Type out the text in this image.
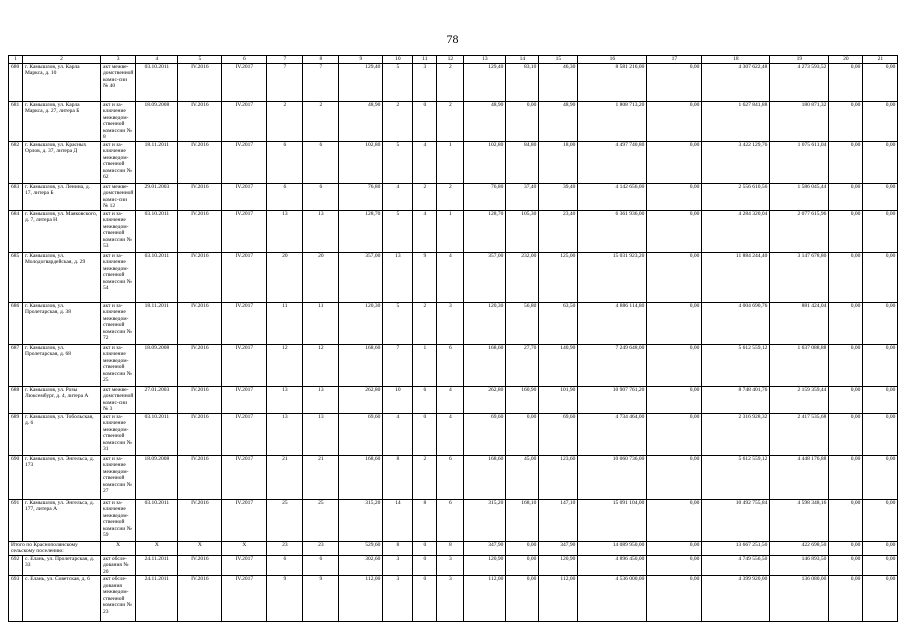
78
1	2	3	4	5	6	7	8	9	10	11	12	13	14	15	16	17	18	19	20	21
680	г. Камышлов, ул. Карла Маркса, д. 10	акт межве-домственной комис-сии № 40	03.10.2011	IV.2016	IV.2017	7	7	129,40	5	3	2	129,40	83,10	46,30	8 581 216,00	0,00	4 307 622,48	4 273 593,52	0,00	0,00
681	г. Камышлов, ул. Карла Маркса, д. 27, литера Б	акт и за-ключение межведом-ственной комиссии № 8	18.09.2008	IV.2016	IV.2017	2	2	48,90	2	0	2	48,90	0,00	48,90	1 808 713,20	0,00	1 627 841,88	180 871,32	0,00	0,00
682	г. Камышлов, ул. Красных Орлов, д. 37, литера Д	акт и за-ключение межведом-ственной комиссии № 62	18.11.2011	IV.2016	IV.2017	6	6	102,80	5	4	1	102,80	84,80	18,00	4 497 740,80	0,00	3 422 129,76	1 075 611,04	0,00	0,00
683	г. Камышлов, ул. Ленина, д. 17, литера Б	акт межве-домственной комис-сии № 12	29.01.2003	IV.2016	IV.2017	6	6	76,80	4	2	2	76,80	37,40	39,40	4 142 656,00	0,00	2 556 610,56	1 586 045,44	0,00	0,00
684	г. Камышлов, ул. Маяковского, д. 7, литера Н	акт и за-ключение межведом-ственной комиссии № 53	03.10.2011	IV.2016	IV.2017	13	13	128,70	5	4	1	128,70	105,30	23,40	6 361 936,00	0,00	4 284 320,04	2 077 615,96	0,00	0,00
685	г. Камышлов, ул. Молодогвардейская, д. 29	акт и за-ключение межведом-ственной комиссии № 54	03.10.2011	IV.2016	IV.2017	20	20	357,00	13	9	4	357,00	232,00	125,00	15 031 923,20	0,00	11 884 244,40	3 147 678,80	0,00	0,00
686	г. Камышлов, ул. Пролетарская, д. 38	акт и за-ключение межведом-ственной комиссии № 72	18.11.2011	IV.2016	IV.2017	11	11	120,30	5	2	3	120,30	56,80	63,50	4 886 114,80	0,00	4 004 690,76	881 424,04	0,00	0,00
687	г. Камышлов, ул. Пролетарская, д. 68	акт и за-ключение межведом-ственной комиссии № 25	18.09.2008	IV.2016	IV.2017	12	12	168,60	7	1	6	168,60	27,70	140,90	7 249 648,00	0,00	5 612 559,12	1 637 088,88	0,00	0,00
688	г. Камышлов, ул. Розы Люксембург, д. 4, литера А	акт межве-домственной комис-сии № 3	27.01.2003	IV.2016	IV.2017	13	13	262,80	10	6	4	262,80	160,90	101,90	10 907 761,20	0,00	8 748 401,76	2 159 359,44	0,00	0,00
689	г. Камышлов, ул. Тобольская, д. 6	акт и за-ключение межведом-ственной комиссии № 31	03.10.2011	IV.2016	IV.2017	13	13	69,60	4	0	4	69,60	0,00	69,60	4 734 464,00	0,00	2 316 928,32	2 417 535,68	0,00	0,00
690	г. Камышлов, ул. Энгельса, д. 173	акт и за-ключение межведом-ственной комиссии № 27	18.09.2008	IV.2016	IV.2017	21	21	168,60	8	2	6	168,60	45,00	123,60	10 060 736,00	0,00	5 612 559,12	4 448 176,88	0,00	0,00
691	г. Камышлов, ул. Энгельса, д. 177, литера А	акт и за-ключение межведом-ственной комиссии № 59	03.10.2011	IV.2016	IV.2017	25	25	315,20	14	8	6	315,20	168,10	147,10	15 091 104,00	0,00	10 492 755,84	4 598 348,16	0,00	0,00
Итого по Краснополянскому сельскому поселению:		X	X	X	X	23	23	529,60	8	0	8	347,90	0,00	347,90	14 089 950,00	0,00	13 667 251,50	422 698,50	0,00	0,00
692	с. Елань, ул. Пролетарская, д. 33	акт обсле-дования № 20	24.11.2011	IV.2016	IV.2017	6	6	302,60	3	0	3	120,90	0,00	120,90	4 896 450,00	0,00	4 749 556,50	146 893,50	0,00	0,00
693	с. Елань, ул. Советская, д. 6	акт обсле-дования межведом-ственной комиссии № 23	24.11.2011	IV.2016	IV.2017	9	9	112,00	3	0	3	112,00	0,00	112,00	4 536 000,00	0,00	4 399 920,00	136 080,00	0,00	0,00
